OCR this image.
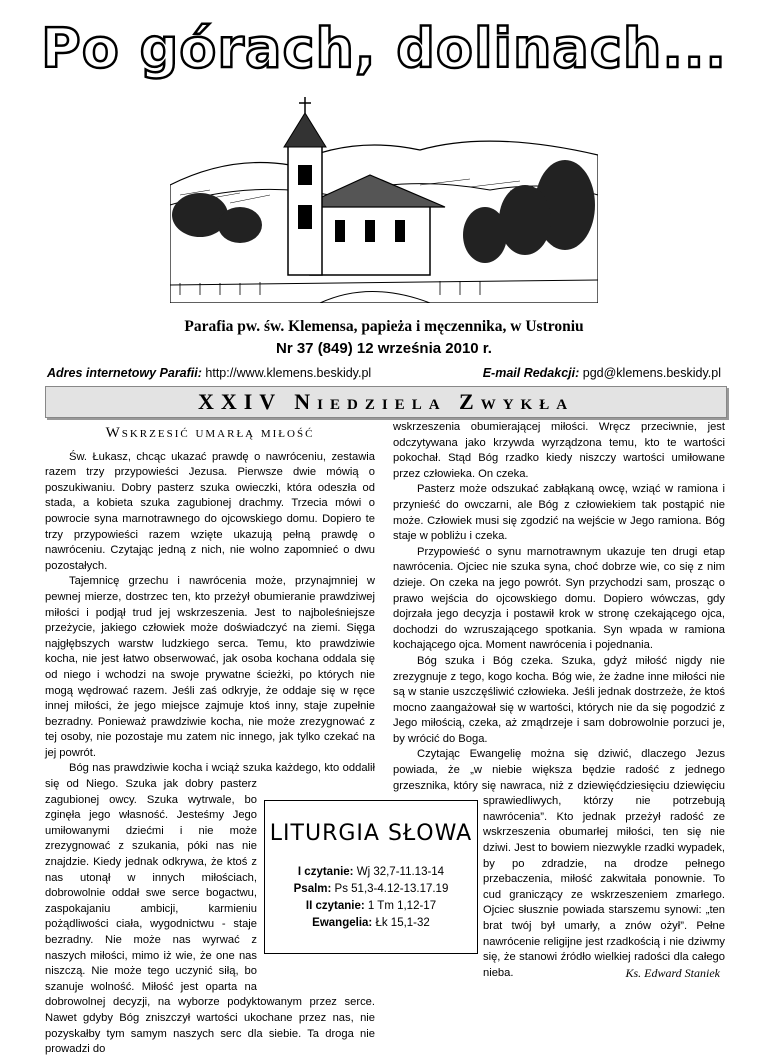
Po górach, dolinach...
Parafia pw. św. Klemensa, papieża i męczennika, w Ustroniu
Nr 37 (849) 12 września 2010 r.
Adres internetowy Parafii: http://www.klemens.beskidy.pl	E-mail Redakcji: pgd@klemens.beskidy.pl
XXIV Niedziela Zwykła
Wskrzesić umarłą miłość

Św. Łukasz, chcąc ukazać prawdę o nawróceniu, zestawia razem trzy przypowieści Jezusa. Pierwsze dwie mówią o poszukiwaniu. Dobry pasterz szuka owieczki, która odeszła od stada, a kobieta szuka zagubionej drachmy. Trzecia mówi o powrocie syna marnotrawnego do ojcowskiego domu. Dopiero te trzy przypowieści razem wzięte ukazują pełną prawdę o nawróceniu. Czytając jedną z nich, nie wolno zapomnieć o dwu pozostałych.

Tajemnicę grzechu i nawrócenia może, przynajmniej w pewnej mierze, dostrzec ten, kto przeżył obumieranie prawdziwej miłości i podjął trud jej wskrzeszenia. Jest to najboleśniejsze przeżycie, jakiego człowiek może doświadczyć na ziemi. Sięga najgłębszych warstw ludzkiego serca. Temu, kto prawdziwie kocha, nie jest łatwo obserwować, jak osoba kochana oddala się od niego i wchodzi na swoje prywatne ścieżki, po których nie mogą wędrować razem. Jeśli zaś odkryje, że oddaje się w ręce innej miłości, że jego miejsce zajmuje ktoś inny, staje zupełnie bezradny. Ponieważ prawdziwie kocha, nie może zrezygnować z tej osoby, nie pozostaje mu zatem nic innego, jak tylko czekać na jej powrót.

Bóg nas prawdziwie kocha i wciąż szuka każdego, kto oddalił się od Niego. Szuka jak dobry pasterz zagubionej owcy. Szuka wytrwale, bo zginęła jego własność. Jesteśmy Jego umiłowanymi dziećmi i nie może zrezygnować z szukania, póki nas nie znajdzie. Kiedy jednak odkrywa, że ktoś z nas utonął w innych miłościach, dobrowolnie oddał swe serce bogactwu, zaspokajaniu ambicji, karmieniu pożądliwości ciała, wygodnictwu - staje bezradny. Nie może nas wyrwać z naszych miłości, mimo iż wie, że one nas niszczą. Nie może tego uczynić siłą, bo szanuje wolność. Miłość jest oparta na dobrowolnej decyzji, na wyborze podyktowanym przez serce. Nawet gdyby Bóg zniszczył wartości ukochane przez nas, nie pozyskałby tym samym naszych serc dla siebie. Ta droga nie prowadzi do

wskrzeszenia obumierającej miłości. Wręcz przeciwnie, jest odczytywana jako krzywda wyrządzona temu, kto te wartości pokochał. Stąd Bóg rzadko kiedy niszczy wartości umiłowane przez człowieka. On czeka.

Pasterz może odszukać zabłąkaną owcę, wziąć w ramiona i przynieść do owczarni, ale Bóg z człowiekiem tak postąpić nie może. Człowiek musi się zgodzić na wejście w Jego ramiona. Bóg staje w pobliżu i czeka.

Przypowieść o synu marnotrawnym ukazuje ten drugi etap nawrócenia. Ojciec nie szuka syna, choć dobrze wie, co się z nim dzieje. On czeka na jego powrót. Syn przychodzi sam, prosząc o prawo wejścia do ojcowskiego domu. Dopiero wówczas, gdy dojrzała jego decyzja i postawił krok w stronę czekającego ojca, dochodzi do wzruszającego spotkania. Syn wpada w ramiona kochającego ojca. Moment nawrócenia i pojednania.

Bóg szuka i Bóg czeka. Szuka, gdyż miłość nigdy nie zrezygnuje z tego, kogo kocha. Bóg wie, że żadne inne miłości nie są w stanie uszczęśliwić człowieka. Jeśli jednak dostrzeże, że ktoś mocno zaangażował się w wartości, których nie da się pogodzić z Jego miłością, czeka, aż zmądrzeje i sam dobrowolnie porzuci je, by wrócić do Boga.

Czytając Ewangelię można się dziwić, dlaczego Jezus powiada, że „w niebie większa będzie radość z jednego grzesznika, który się nawraca, niż z dziewięćdziesięciu dziewięciu sprawiedliwych, którzy nie potrzebują nawrócenia”. Kto jednak przeżył radość ze wskrzeszenia obumarłej miłości, ten się nie dziwi. Jest to bowiem niezwykle rzadki wypadek, by po zdradzie, na drodze pełnego przebaczenia, miłość zakwitała ponownie. To cud graniczący ze wskrzeszeniem zmarłego. Ojciec słusznie powiada starszemu synowi: „ten brat twój był umarły, a znów ożył”. Pełne nawrócenie religijne jest rzadkością i nie dziwmy się, że stanowi źródło wielkiej radości dla całego nieba.

LITURGIA SŁOWA
I czytanie: Wj 32,7-11.13-14
Psalm: Ps 51,3-4.12-13.17.19
II czytanie: 1 Tm 1,12-17
Ewangelia: Łk 15,1-32
Ks. Edward Staniek
